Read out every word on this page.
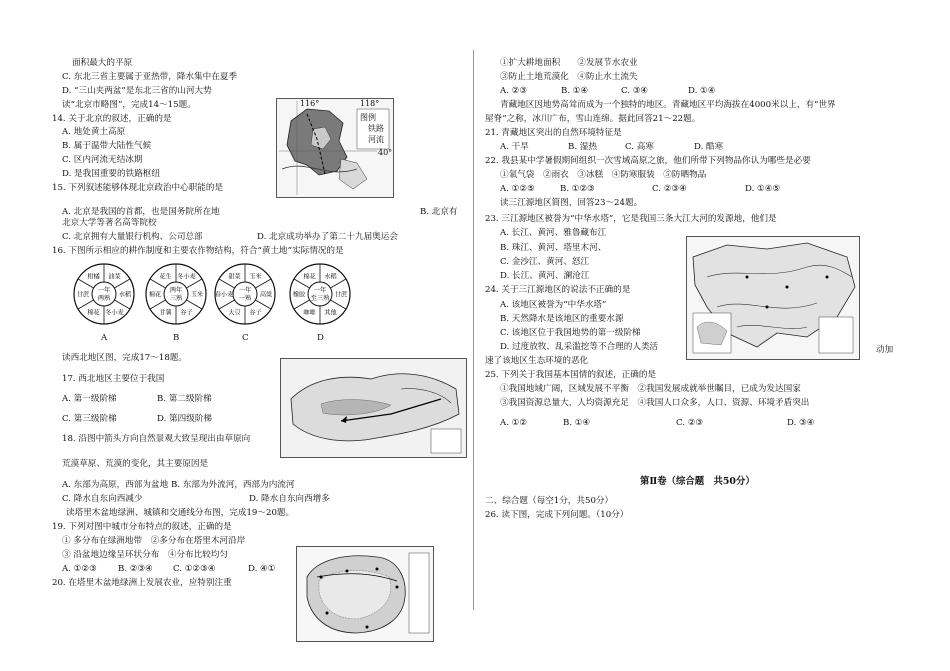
面积最大的平原
C. 东北三省主要属于亚热带，降水集中在夏季
D. “三山夹两盆”是东北三省的山河大势
读“北京市略图”，完成14～15题。
14. 关于北京的叙述，正确的是
A. 地处黄土高原
B. 属于温带大陆性气候
C. 区内河流无结冰期
D. 是我国重要的铁路枢纽
15. 下列叙述能够体现北京政治中心职能的是
A. 北京是我国的首都，也是国务院所在地
北京大学等著名高等院校
C. 北京拥有大量银行机构、公司总部	D. 北京成功举办了第二十九届奥运会
16. 下图所示相应的耕作制度和主要农作物结构，符合“黄土地”实际情况的是
读西北地区图，完成17～18题。
17. 西北地区主要位于我国
A. 第一级阶梯	B. 第二级阶梯
C. 第三级阶梯	D. 第四级阶梯
18. 沿图中箭头方向自然景观大致呈现出由草原向
荒漠草原、荒漠的变化，其主要原因是
A. 东部为高原，西部为盆地 B. 东部为外流河，西部为内流河
C. 降水自东向西减少	D. 降水自东向西增多
读塔里木盆地绿洲、城镇和交通线分布图，完成19～20题。
19. 下列对图中城市分布特点的叙述，正确的是
① 多分布在绿洲地带　②多分布在塔里木河沿岸
③ 沿盆地边缘呈环状分布　④分布比较均匀
A. ①②③ B. ②③④ C. ①②③④	D. ④①
20. 在塔里木盆地绿洲上发展农业，应特别注重
B. 北京有
116°	118°
40°
图例
铁路
河流
油菜
水稻
冬小麦
棉花
甘蔗
柑橘
一年
两熟
A
冬小麦
玉米
谷子
甘薯
棉花
花生
两年
三熟
B
玉米
高粱
谷子
大豆
春小麦
甜菜
一年
一熟
C
水稻
甘蔗
其他
咖啡
橡胶
棉花
一年
至三熟
D
①扩大耕地面积　　②发展节水农业
③防止土地荒漠化　④防止水土流失
A. ②③	B. ①④	C. ③④	D. ①④
青藏地区因地势高耸而成为一个独特的地区。青藏地区平均海拔在4000米以上，有“世界
屋脊”之称，冰川广布，雪山连绵。据此回答21～22题。
21. 青藏地区突出的自然环境特征是
A. 干旱	B. 湿热	C. 高寒	D. 酷寒
22. 我县某中学暑假期间组织一次雪域高原之旅，他们所带下列物品你认为哪些是必要
①氧气袋　②雨衣　③冰糕　④防寒服装　⑤防晒物品
A. ①②⑤	B. ①②③	C. ②③④	D. ①④⑤
读三江源地区简图，回答23～24题。
23. 三江源地区被誉为“中华水塔”，它是我国三条大江大河的发源地，他们是
A. 长江、黄河、雅鲁藏布江
B. 珠江、黄河、塔里木河、
C. 金沙江、黄河、怒江
D. 长江、黄河、澜沧江
24. 关于三江源地区的说法不正确的是
A. 该地区被誉为“中华水塔”
B. 天然降水是该地区的重要水源
C. 该地区位于我国地势的第一级阶梯
D. 过度放牧、乱采滥挖等不合理的人类活
速了该地区生态环境的恶化
25. 下列关于我国基本国情的叙述，正确的是
①我国地域广阔，区域发展不平衡　②我国发展成就举世瞩目，已成为发达国家
③我国资源总量大，人均资源充足　④我国人口众多，人口、资源、环境矛盾突出
A. ①②	B. ①④	C. ②③	D. ③④
第Ⅱ卷（综合题　共50分）
二、综合题（每空1分，共50分）
26. 读下图，完成下列问题。（10分）
动加
